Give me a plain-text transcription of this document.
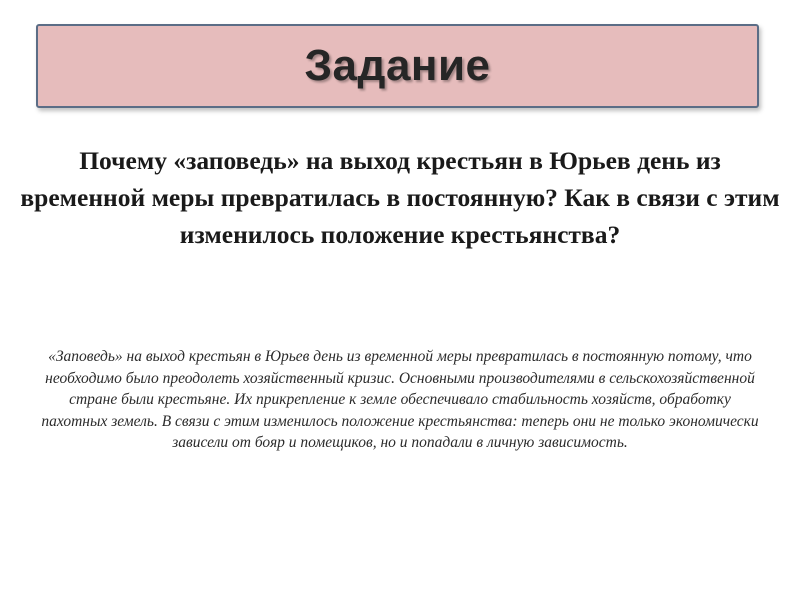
Задание

Почему «заповедь» на выход крестьян в Юрьев день из временной меры превратилась в постоянную? Как в связи с этим изменилось положение крестьянства?

«Заповедь» на выход крестьян в Юрьев день из временной меры превратилась в постоянную потому, что необходимо было преодолеть хозяйственный кризис. Основными производителями в сельскохозяйственной стране были крестьяне. Их прикрепление к земле обеспечивало стабильность хозяйств, обработку пахотных земель. В связи с этим изменилось положение крестьянства: теперь они не только экономически зависели от бояр и помещиков, но и попадали в личную зависимость.
